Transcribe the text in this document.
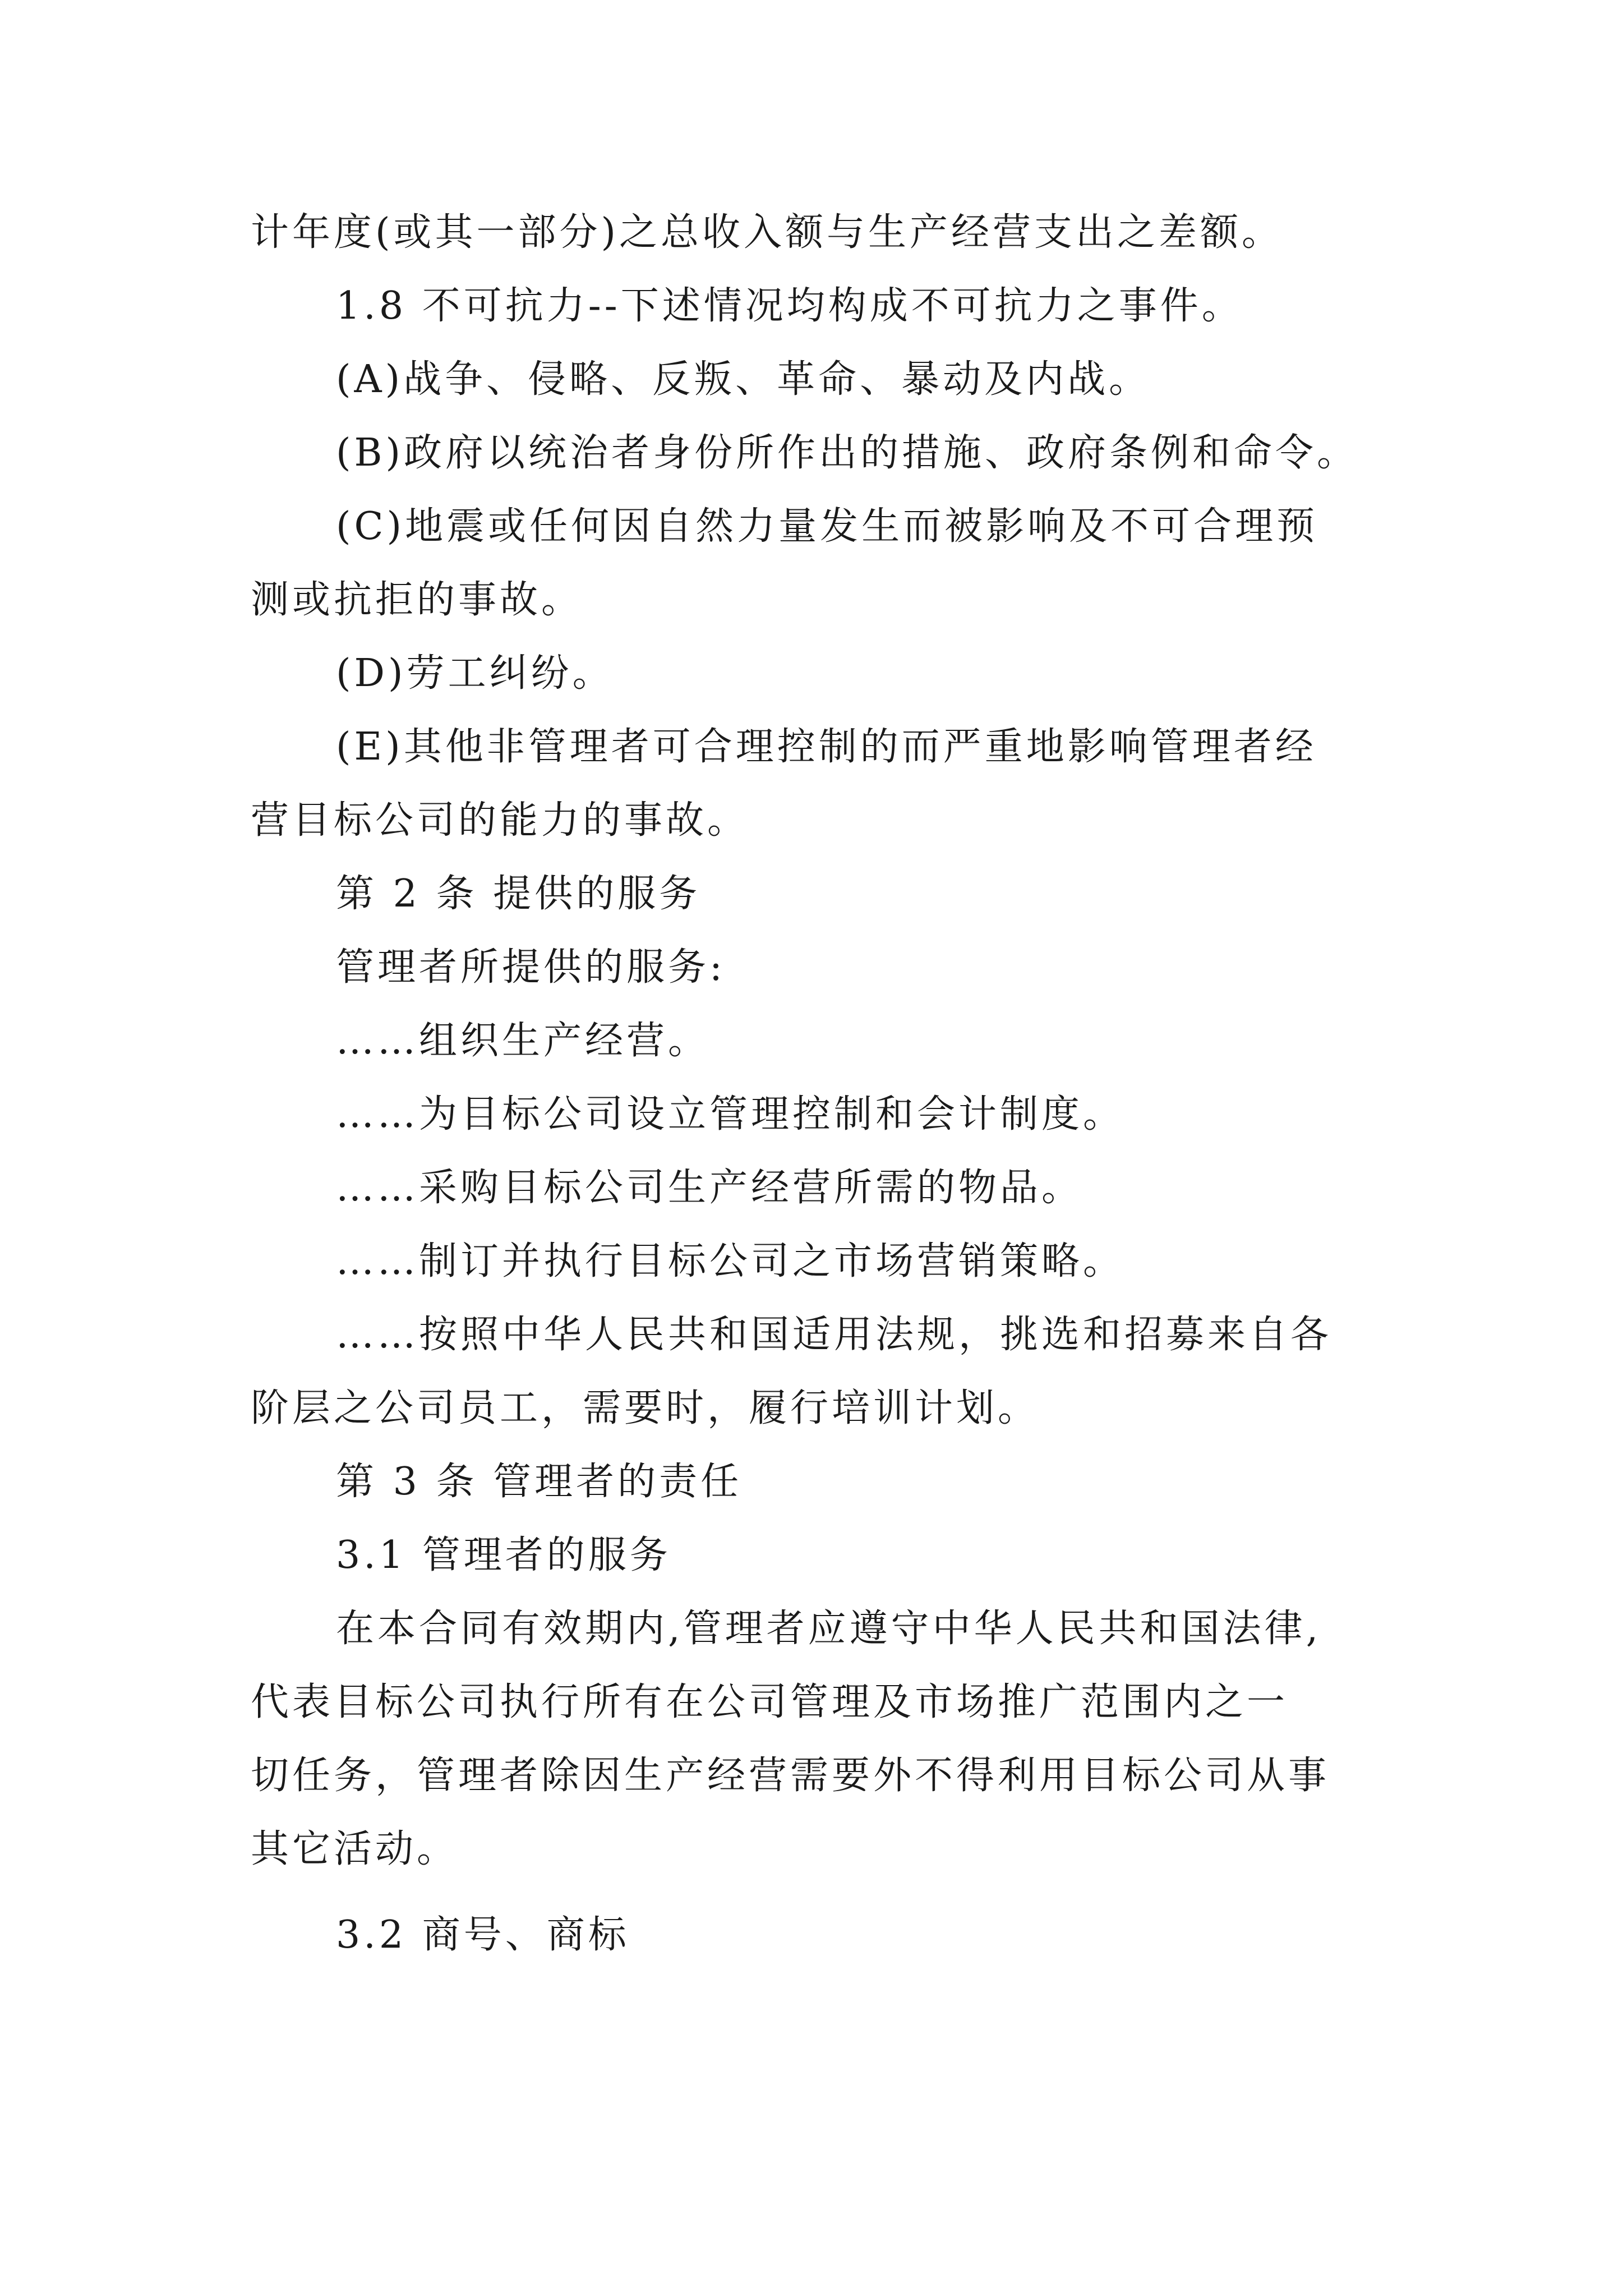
计年度(或其一部分)之总收入额与生产经营支出之差额。
1.8 不可抗力--下述情况均构成不可抗力之事件。
(A)战争、侵略、反叛、革命、暴动及内战。
(B)政府以统治者身份所作出的措施、政府条例和命令。
(C)地震或任何因自然力量发生而被影响及不可合理预
测或抗拒的事故。
(D)劳工纠纷。
(E)其他非管理者可合理控制的而严重地影响管理者经
营目标公司的能力的事故。
第 2 条 提供的服务
管理者所提供的服务:
……组织生产经营。
……为目标公司设立管理控制和会计制度。
……采购目标公司生产经营所需的物品。
……制订并执行目标公司之市场营销策略。
……按照中华人民共和国适用法规，挑选和招募来自各
阶层之公司员工，需要时，履行培训计划。
第 3 条 管理者的责任
3.1 管理者的服务
在本合同有效期内,管理者应遵守中华人民共和国法律,
代表目标公司执行所有在公司管理及市场推广范围内之一
切任务，管理者除因生产经营需要外不得利用目标公司从事
其它活动。
3.2 商号、商标
